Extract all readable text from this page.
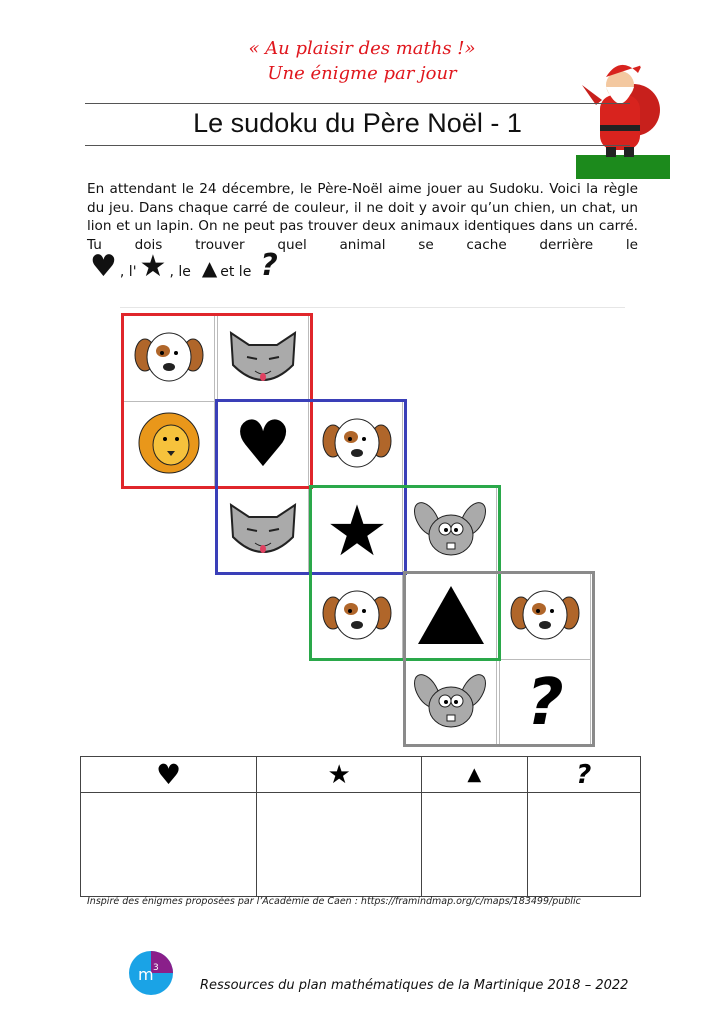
« Au plaisir des maths !»
Une énigme par jour
Le sudoku du Père Noël - 1
En attendant le 24 décembre, le Père-Noël aime jouer au Sudoku. Voici la règle du jeu. Dans chaque carré de couleur, il ne doit y avoir qu’un chien, un chat, un lion et un lapin. On ne peut pas trouver deux animaux identiques dans un carré. Tu dois trouver quel animal se cache derrière le
♥ , l' ★ , le ▲ et le ?
♥
★
?
♥	★	▲	?

Inspiré des énigmes proposées par l’Académie de Caen : https://framindmap.org/c/maps/183499/public
m 3
Ressources du plan mathématiques de la Martinique 2018 – 2022
